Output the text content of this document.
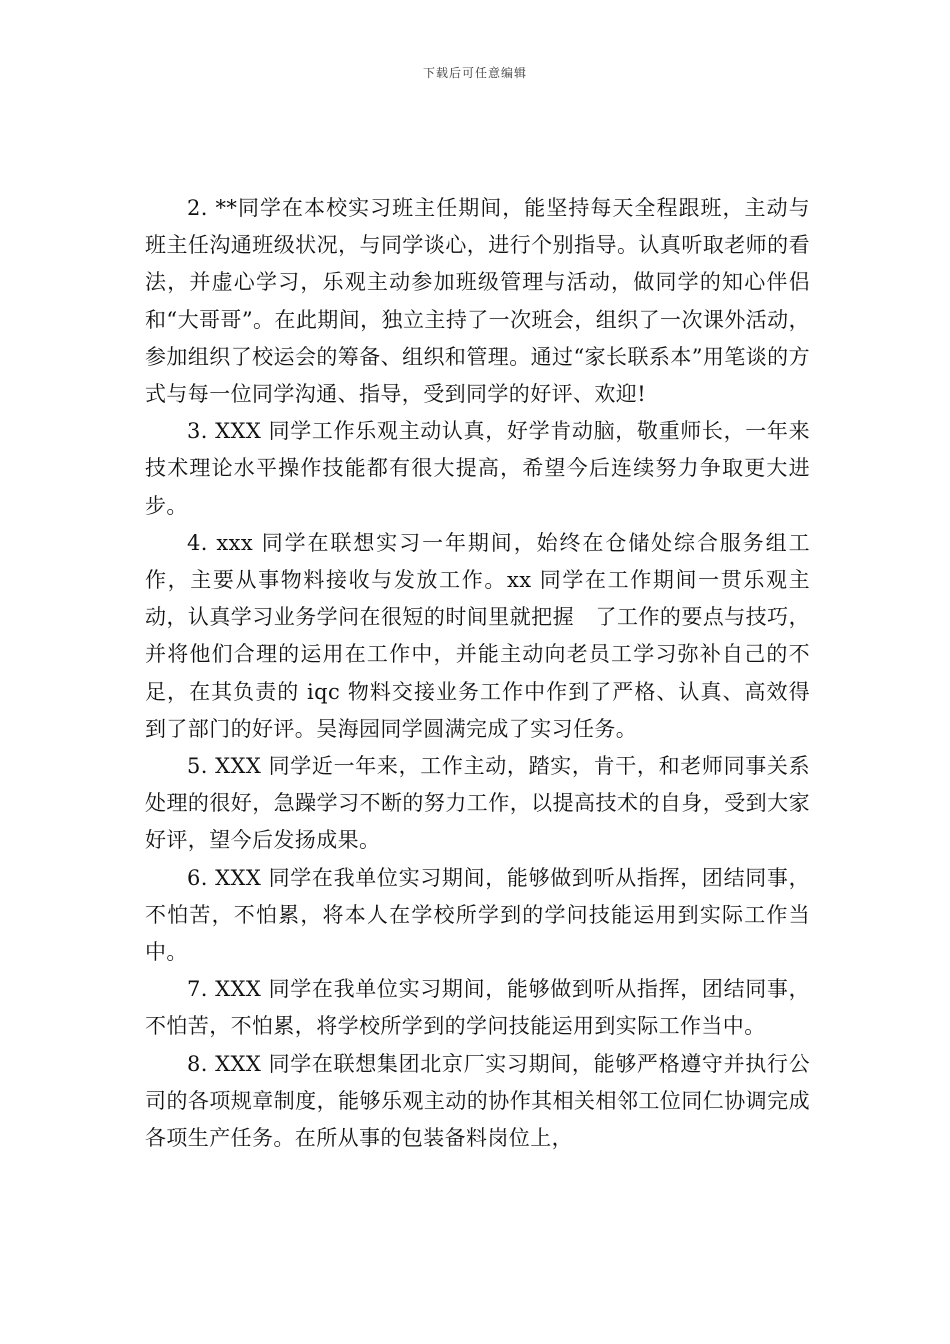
下载后可任意编辑

2. **同学在本校实习班主任期间，能坚持每天全程跟班，主动与班主任沟通班级状况，与同学谈心，进行个别指导。认真听取老师的看法，并虚心学习，乐观主动参加班级管理与活动，做同学的知心伴侣和“大哥哥”。在此期间，独立主持了一次班会，组织了一次课外活动，参加组织了校运会的筹备、组织和管理。通过“家长联系本”用笔谈的方式与每一位同学沟通、指导，受到同学的好评、欢迎!

3. XXX 同学工作乐观主动认真，好学肯动脑，敬重师长，一年来技术理论水平操作技能都有很大提高，希望今后连续努力争取更大进步。

4. xxx 同学在联想实习一年期间，始终在仓储处综合服务组工作，主要从事物料接收与发放工作。xx 同学在工作期间一贯乐观主动，认真学习业务学问在很短的时间里就把握　了工作的要点与技巧，并将他们合理的运用在工作中，并能主动向老员工学习弥补自己的不足，在其负责的 iqc 物料交接业务工作中作到了严格、认真、高效得到了部门的好评。吴海园同学圆满完成了实习任务。

5. XXX 同学近一年来，工作主动，踏实，肯干，和老师同事关系处理的很好，急躁学习不断的努力工作，以提高技术的自身，受到大家好评，望今后发扬成果。

6. XXX 同学在我单位实习期间，能够做到听从指挥，团结同事，不怕苦，不怕累，将本人在学校所学到的学问技能运用到实际工作当中。

7. XXX 同学在我单位实习期间，能够做到听从指挥，团结同事，不怕苦，不怕累，将学校所学到的学问技能运用到实际工作当中。

8. XXX 同学在联想集团北京厂实习期间，能够严格遵守并执行公司的各项规章制度，能够乐观主动的协作其相关相邻工位同仁协调完成各项生产任务。在所从事的包装备料岗位上，
